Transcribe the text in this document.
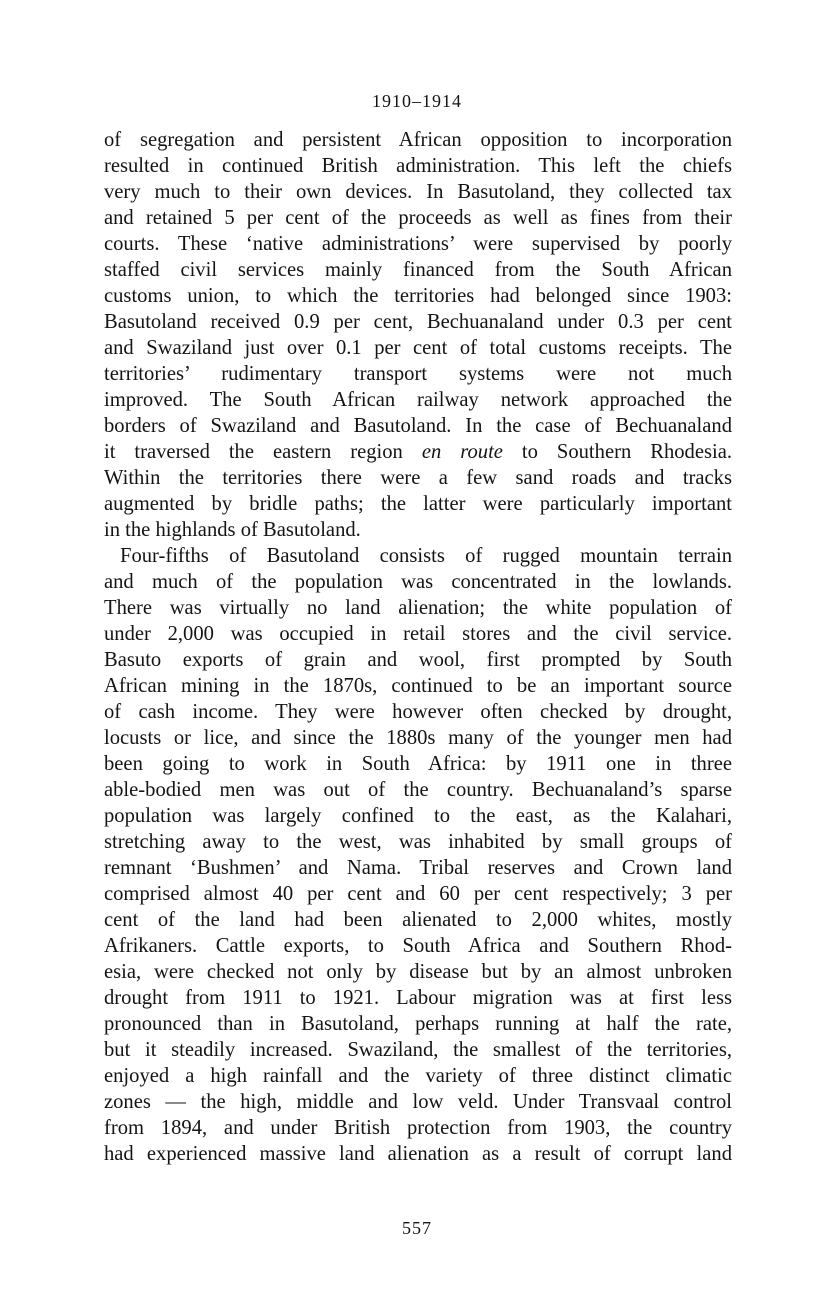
1910–1914
of segregation and persistent African opposition to incorporation
resulted in continued British administration. This left the chiefs
very much to their own devices. In Basutoland, they collected tax
and retained 5 per cent of the proceeds as well as fines from their
courts. These ‘native administrations’ were supervised by poorly
staffed civil services mainly financed from the South African
customs union, to which the territories had belonged since 1903:
Basutoland received 0.9 per cent, Bechuanaland under 0.3 per cent
and Swaziland just over 0.1 per cent of total customs receipts. The
territories’ rudimentary transport systems were not much
improved. The South African railway network approached the
borders of Swaziland and Basutoland. In the case of Bechuanaland
it traversed the eastern region en route to Southern Rhodesia.
Within the territories there were a few sand roads and tracks
augmented by bridle paths; the latter were particularly important
in the highlands of Basutoland.
Four-fifths of Basutoland consists of rugged mountain terrain
and much of the population was concentrated in the lowlands.
There was virtually no land alienation; the white population of
under 2,000 was occupied in retail stores and the civil service.
Basuto exports of grain and wool, first prompted by South
African mining in the 1870s, continued to be an important source
of cash income. They were however often checked by drought,
locusts or lice, and since the 1880s many of the younger men had
been going to work in South Africa: by 1911 one in three
able-bodied men was out of the country. Bechuanaland’s sparse
population was largely confined to the east, as the Kalahari,
stretching away to the west, was inhabited by small groups of
remnant ‘Bushmen’ and Nama. Tribal reserves and Crown land
comprised almost 40 per cent and 60 per cent respectively; 3 per
cent of the land had been alienated to 2,000 whites, mostly
Afrikaners. Cattle exports, to South Africa and Southern Rhod-
esia, were checked not only by disease but by an almost unbroken
drought from 1911 to 1921. Labour migration was at first less
pronounced than in Basutoland, perhaps running at half the rate,
but it steadily increased. Swaziland, the smallest of the territories,
enjoyed a high rainfall and the variety of three distinct climatic
zones — the high, middle and low veld. Under Transvaal control
from 1894, and under British protection from 1903, the country
had experienced massive land alienation as a result of corrupt land
557
